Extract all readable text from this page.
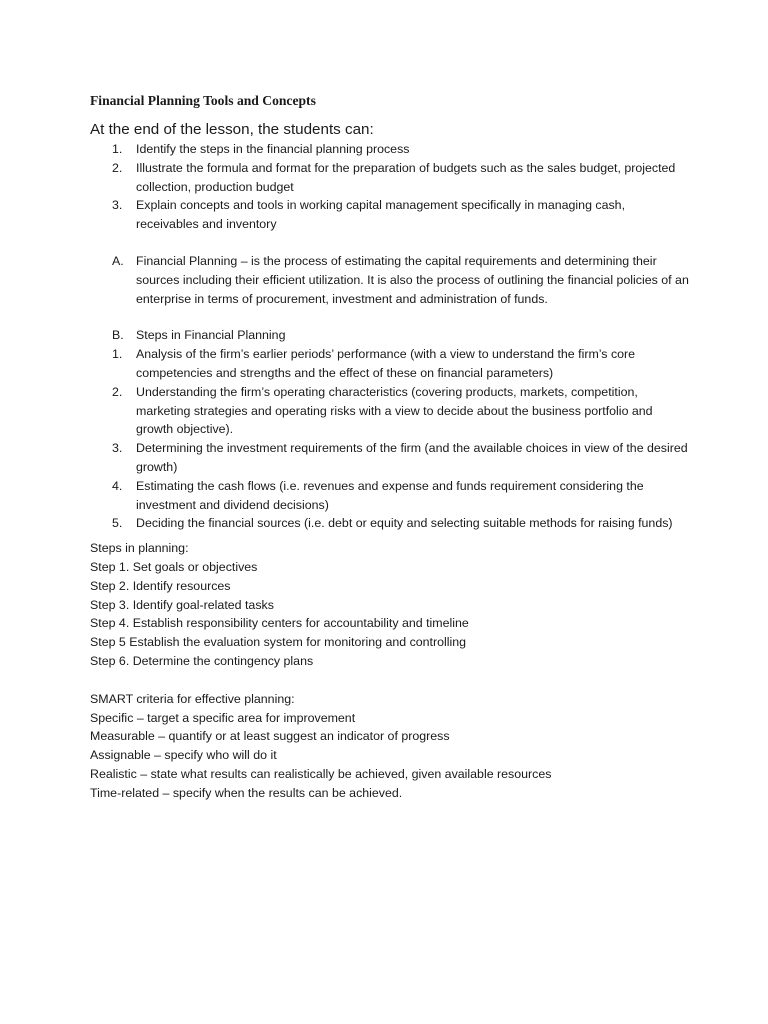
Financial Planning Tools and Concepts
At the end of the lesson, the students can:
1.	Identify the steps in the financial planning process
2.	Illustrate the formula and format for the preparation of budgets such as the sales budget, projected collection, production budget
3.	Explain concepts and tools in working capital management specifically in managing cash, receivables and inventory
A. Financial Planning – is the process of estimating the capital requirements and determining their sources including their efficient utilization. It is also the process of outlining the financial policies of an enterprise in terms of procurement, investment and administration of funds.
B. Steps in Financial Planning
1.	Analysis of the firm’s earlier periods’ performance (with a view to understand the firm’s core competencies and strengths and the effect of these on financial parameters)
2.	Understanding the firm’s operating characteristics (covering products, markets, competition, marketing strategies and operating risks with a view to decide about the business portfolio and growth objective).
3.	Determining the investment requirements of the firm (and the available choices in view of the desired growth)
4.	Estimating the cash flows (i.e. revenues and expense and funds requirement considering the investment and dividend decisions)
5.	Deciding the financial sources (i.e. debt or equity and selecting suitable methods for raising funds)
Steps in planning:
Step 1. Set goals or objectives
Step 2. Identify resources
Step 3. Identify goal-related tasks
Step 4. Establish responsibility centers for accountability and timeline
Step 5 Establish the evaluation system for monitoring and controlling
Step 6. Determine the contingency plans
SMART criteria for effective planning:
Specific – target a specific area for improvement
Measurable – quantify or at least suggest an indicator of progress
Assignable – specify who will do it
Realistic – state what results can realistically be achieved, given available resources
Time-related – specify when the results can be achieved.
